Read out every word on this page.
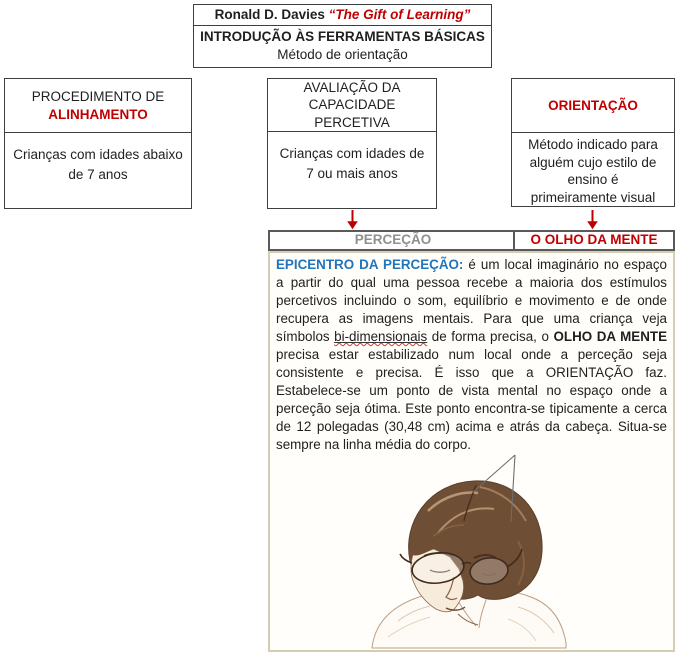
Ronald D. Davies “The Gift of Learning”
INTRODUÇÃO ÀS FERRAMENTAS BÁSICAS
Método de orientação
PROCEDIMENTO DE
ALINHAMENTO
Crianças com idades abaixo de 7 anos
AVALIAÇÃO DA CAPACIDADE PERCETIVA
Crianças com idades de 7 ou mais anos
ORIENTAÇÃO
Método indicado para alguém cujo estilo de ensino é primeiramente visual
PERCEÇÃO	O OLHO DA MENTE

EPICENTRO DA PERCEÇÃO: é um local imaginário no espaço a partir do qual uma pessoa recebe a maioria dos estímulos percetivos incluindo o som, equilíbrio e movimento e de onde recupera as imagens mentais. Para que uma criança veja símbolos bi-dimensionais de forma precisa, o OLHO DA MENTE precisa estar estabilizado num local onde a perceção seja consistente e precisa. É isso que a ORIENTAÇÃO faz. Estabelece-se um ponto de vista mental no espaço onde a perceção seja ótima. Este ponto encontra-se tipicamente a cerca de 12 polegadas (30,48 cm) acima e atrás da cabeça. Situa-se sempre na linha média do corpo.
